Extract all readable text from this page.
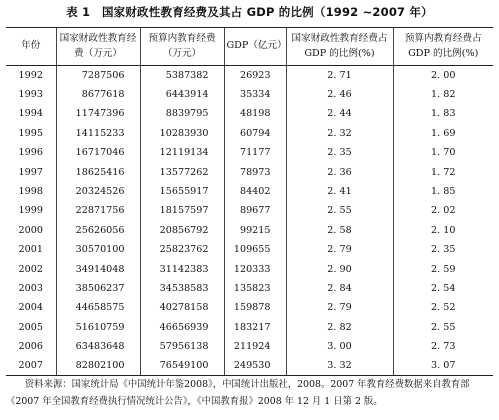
表 1　国家财政性教育经费及其占 GDP 的比例（1992 ~2007 年）
年份	国家财政性教育经费（万元）	预算内教育经费（万元）	GDP（亿元）	国家财政性教育经费占 GDP 的比例(%)	预算内教育经费占 GDP 的比例(%)
1992	7287506	5387382	26923	2. 71	2. 00
1993	8677618	6443914	35334	2. 46	1. 82
1994	11747396	8839795	48198	2. 44	1. 83
1995	14115233	10283930	60794	2. 32	1. 69
1996	16717046	12119134	71177	2. 35	1. 70
1997	18625416	13577262	78973	2. 36	1. 72
1998	20324526	15655917	84402	2. 41	1. 85
1999	22871756	18157597	89677	2. 55	2. 02
2000	25626056	20856792	99215	2. 58	2. 10
2001	30570100	25823762	109655	2. 79	2. 35
2002	34914048	31142383	120333	2. 90	2. 59
2003	38506237	34538583	135823	2. 84	2. 54
2004	44658575	40278158	159878	2. 79	2. 52
2005	51610759	46656939	183217	2. 82	2. 55
2006	63483648	57956138	211924	3. 00	2. 73
2007	82802100	76549100	249530	3. 32	3. 07
资料来源：国家统计局《中国统计年鉴2008》，中国统计出版社，2008。2007 年教育经费数据来自教育部《2007 年全国教育经费执行情况统计公告》，《中国教育报》2008 年 12 月 1 日第 2 版。
